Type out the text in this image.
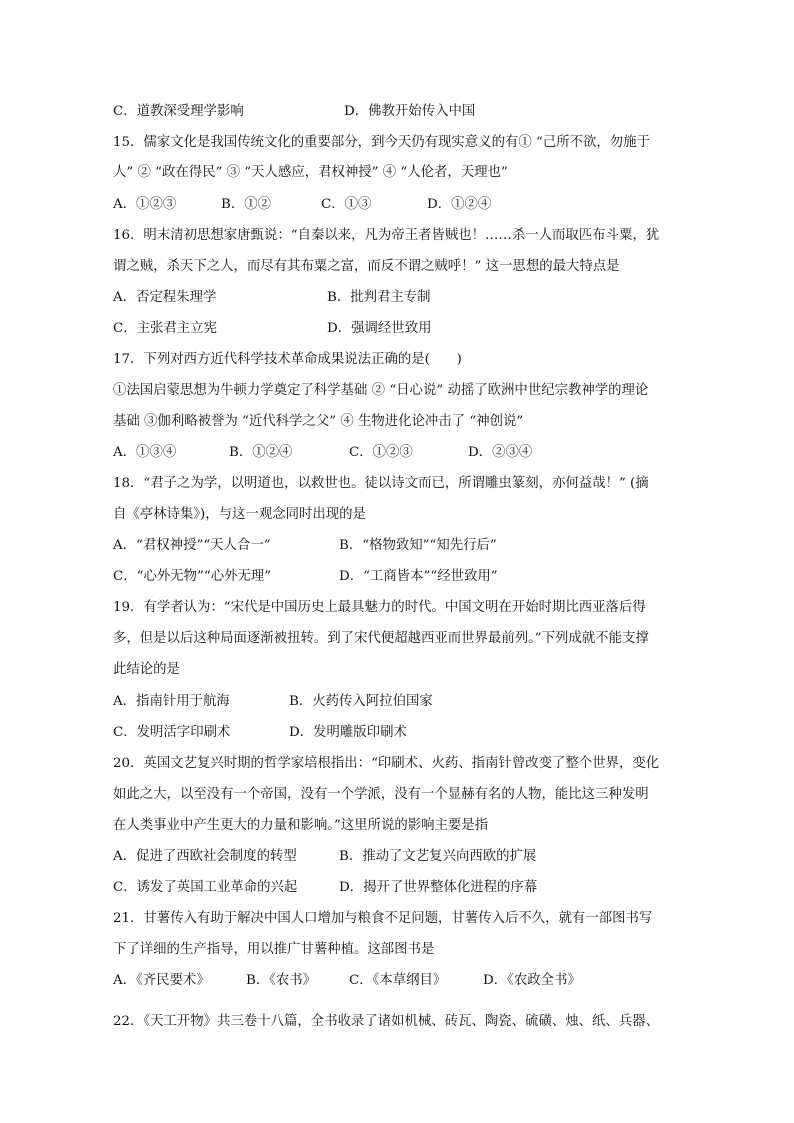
C．道教深受理学影响	D．佛教开始传入中国
15．儒家文化是我国传统文化的重要部分，到今天仍有现实意义的有① “己所不欲，勿施于
人” ② “政在得民” ③ “天人感应，君权神授” ④ “人伦者，天理也”
A．①②③	B．①②	C．①③	D．①②④
16．明末清初思想家唐甄说：“自秦以来，凡为帝王者皆贼也！……杀一人而取匹布斗粟，犹
谓之贼，杀天下之人，而尽有其布粟之富，而反不谓之贼呼！” 这一思想的最大特点是
A．否定程朱理学	B．批判君主专制
C．主张君主立宪	D．强调经世致用
17．下列对西方近代科学技术革命成果说法正确的是(　　)
①法国启蒙思想为牛顿力学奠定了科学基础 ② “日心说” 动摇了欧洲中世纪宗教神学的理论
基础 ③伽利略被誉为 “近代科学之父” ④ 生物进化论冲击了 “神创说”
A．①③④	B．①②④	C．①②③	D．②③④
18．“君子之为学，以明道也，以救世也。徒以诗文而已，所谓雕虫篆刻，亦何益哉！” (摘
自《亭林诗集》)，与这一观念同时出现的是
A．“君权神授”“天人合一”	B．“格物致知”“知先行后”
C．“心外无物”“心外无理”	D．“工商皆本”“经世致用”
19．有学者认为：“宋代是中国历史上最具魅力的时代。中国文明在开始时期比西亚落后得
多，但是以后这种局面逐渐被扭转。到了宋代便超越西亚而世界最前列。”下列成就不能支撑
此结论的是
A．指南针用于航海	B．火药传入阿拉伯国家
C．发明活字印刷术	D．发明雕版印刷术
20．英国文艺复兴时期的哲学家培根指出：“印刷术、火药、指南针曾改变了整个世界，变化
如此之大，以至没有一个帝国，没有一个学派，没有一个显赫有名的人物，能比这三种发明
在人类事业中产生更大的力量和影响。”这里所说的影响主要是指
A．促进了西欧社会制度的转型	B．推动了文艺复兴向西欧的扩展
C．诱发了英国工业革命的兴起	D．揭开了世界整体化进程的序幕
21．甘薯传入有助于解决中国人口增加与粮食不足问题，甘薯传入后不久，就有一部图书写
下了详细的生产指导，用以推广甘薯种植。这部图书是
A．《齐民要术》	B．《农书》 C．《本草纲目》	D．《农政全书》
22．《天工开物》共三卷十八篇，全书收录了诸如机械、砖瓦、陶瓷、硫磺、烛、纸、兵器、
